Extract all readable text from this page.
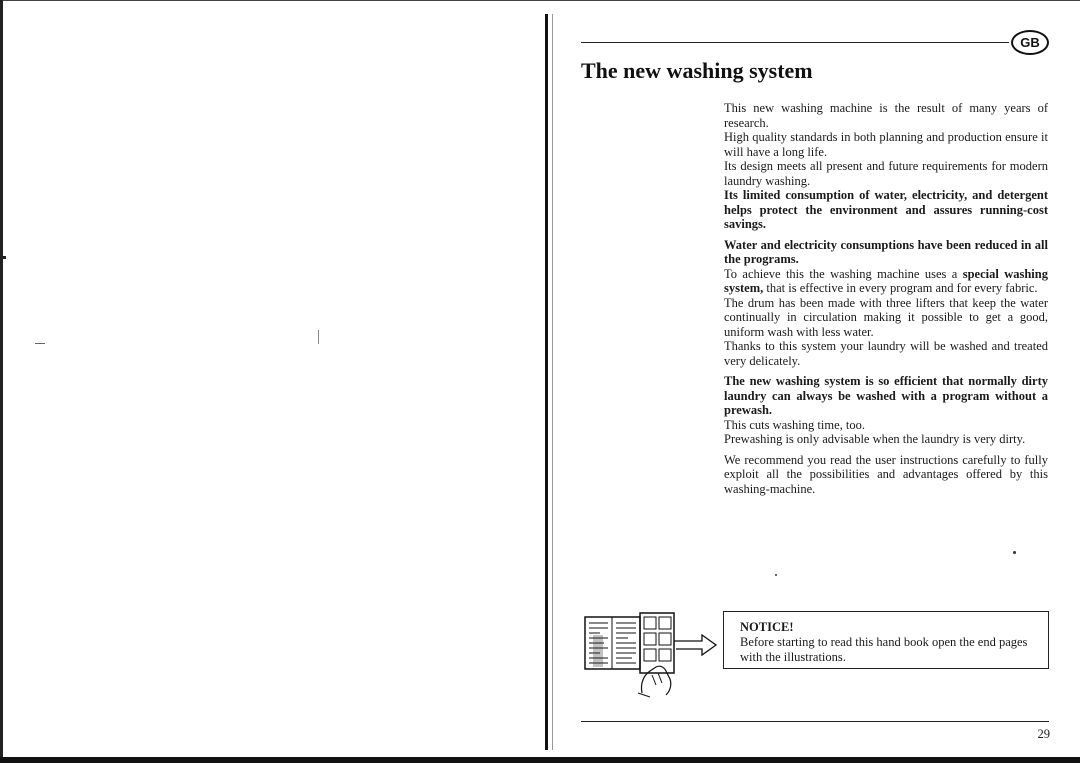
GB
The new washing system

This new washing machine is the result of many years of research.

High quality standards in both planning and production ensure it will have a long life.

Its design meets all present and future requirements for modern laundry washing.

Its limited consumption of water, electricity, and detergent helps protect the environment and assures running-cost savings.

Water and electricity consumptions have been reduced in all the programs.

To achieve this the washing machine uses a special washing system, that is effective in every program and for every fabric.

The drum has been made with three lifters that keep the water continually in circulation making it possible to get a good, uniform wash with less water.

Thanks to this system your laundry will be washed and treated very delicately.

The new washing system is so efficient that normally dirty laundry can always be washed with a program without a prewash.

This cuts washing time, too.

Prewashing is only advisable when the laundry is very dirty.

We recommend you read the user instructions carefully to fully exploit all the possibilities and advantages offered by this washing-machine.

NOTICE!

Before starting to read this hand book open the end pages with the illustrations.

29
